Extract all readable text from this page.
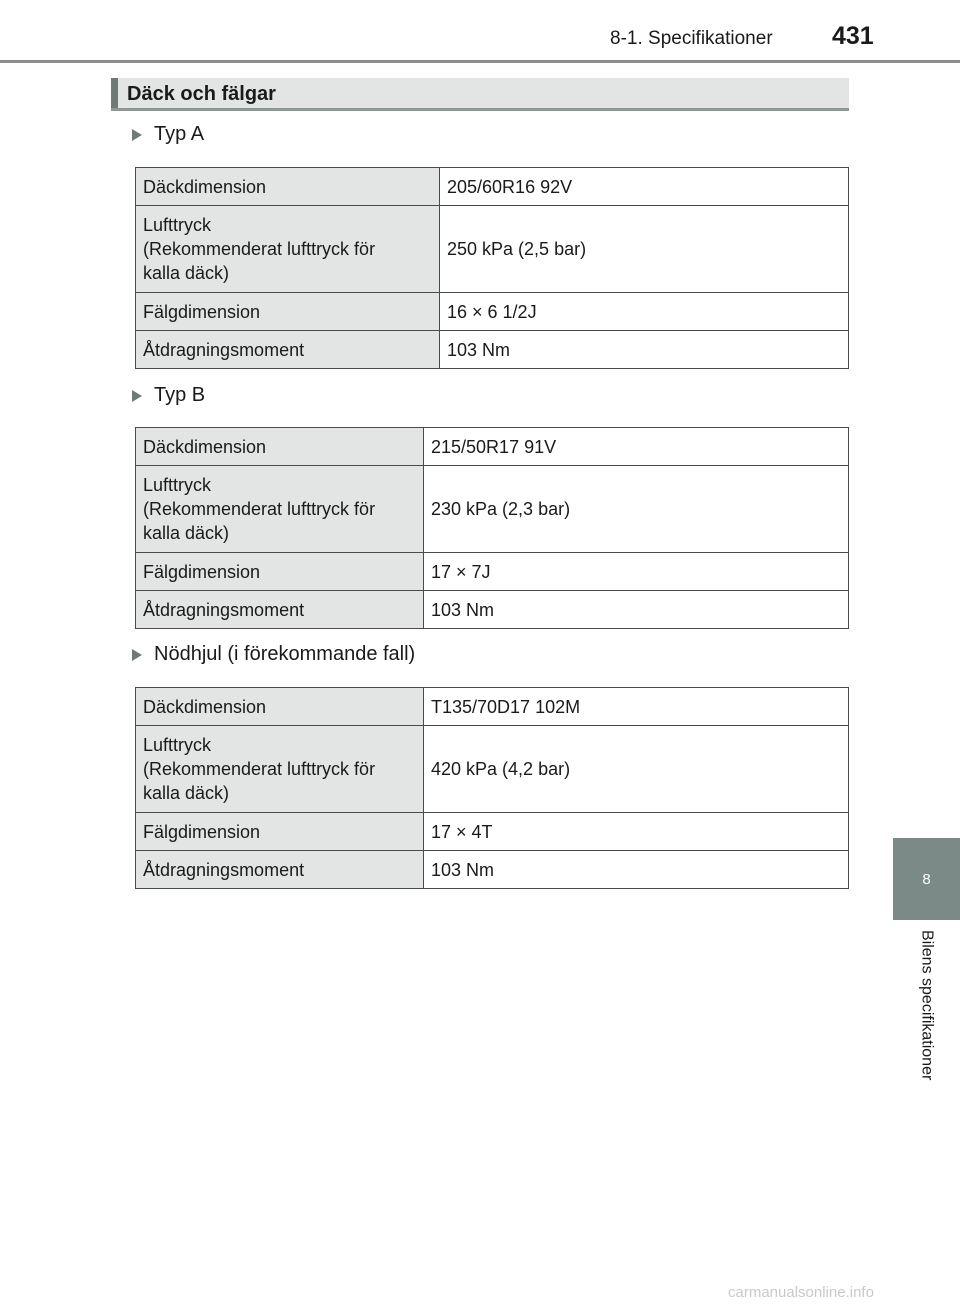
8-1. Specifikationer 431
8
Bilens specifikationer
Däck och fälgar
Typ A
Däckdimension	205/60R16 92V
Lufttryck
(Rekommenderat lufttryck för
kalla däck)	250 kPa (2,5 bar)
Fälgdimension	16 × 6 1/2J
Åtdragningsmoment	103 Nm
Typ B
Däckdimension	215/50R17 91V
Lufttryck
(Rekommenderat lufttryck för
kalla däck)	230 kPa (2,3 bar)
Fälgdimension	17 × 7J
Åtdragningsmoment	103 Nm
Nödhjul (i förekommande fall)
Däckdimension	T135/70D17 102M
Lufttryck
(Rekommenderat lufttryck för
kalla däck)	420 kPa (4,2 bar)
Fälgdimension	17 × 4T
Åtdragningsmoment	103 Nm
carmanualsonline.info
